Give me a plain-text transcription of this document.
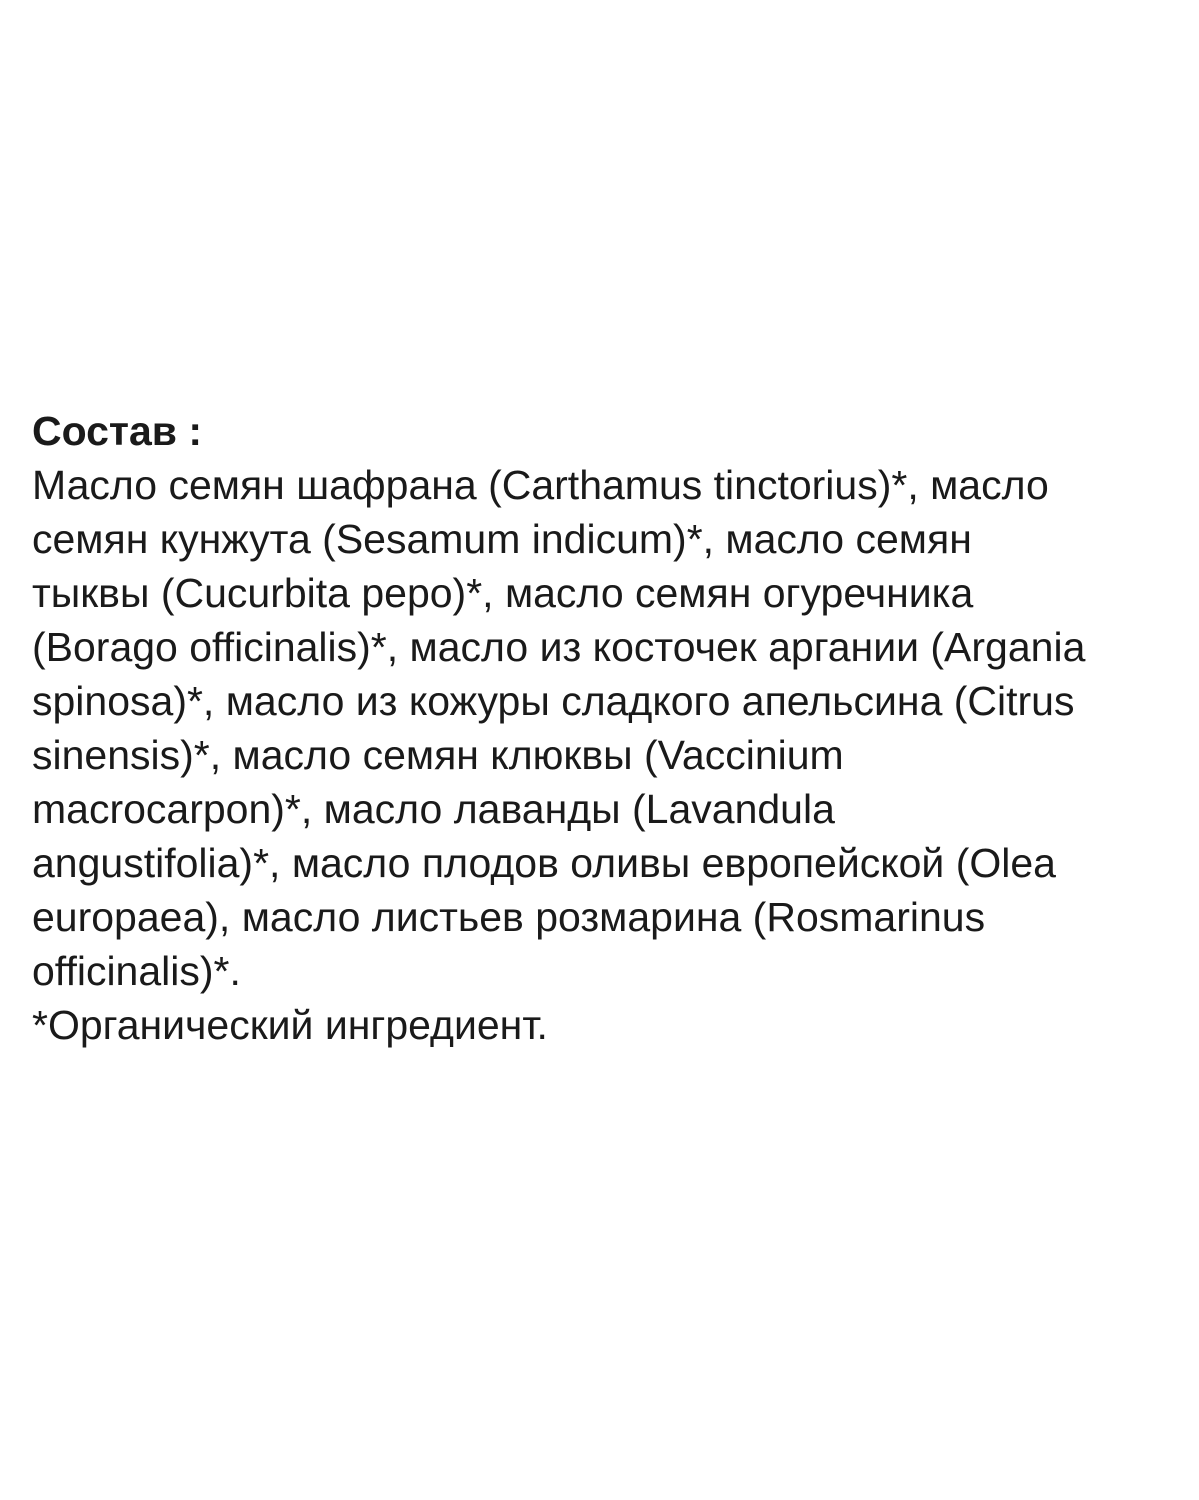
Состав :

Масло семян шафрана (Carthamus tinctorius)*, масло

семян кунжута (Sesamum indicum)*, масло семян

тыквы (Cucurbita pepo)*, масло семян огуречника

(Borago officinalis)*, масло из косточек аргании (Argania

spinosa)*, масло из кожуры сладкого апельсина (Citrus

sinensis)*, масло семян клюквы (Vaccinium

macrocarpon)*, масло лаванды (Lavandula

angustifolia)*, масло плодов оливы европейской (Olea

europaea), масло листьев розмарина (Rosmarinus

officinalis)*.

*Органический ингредиент.
